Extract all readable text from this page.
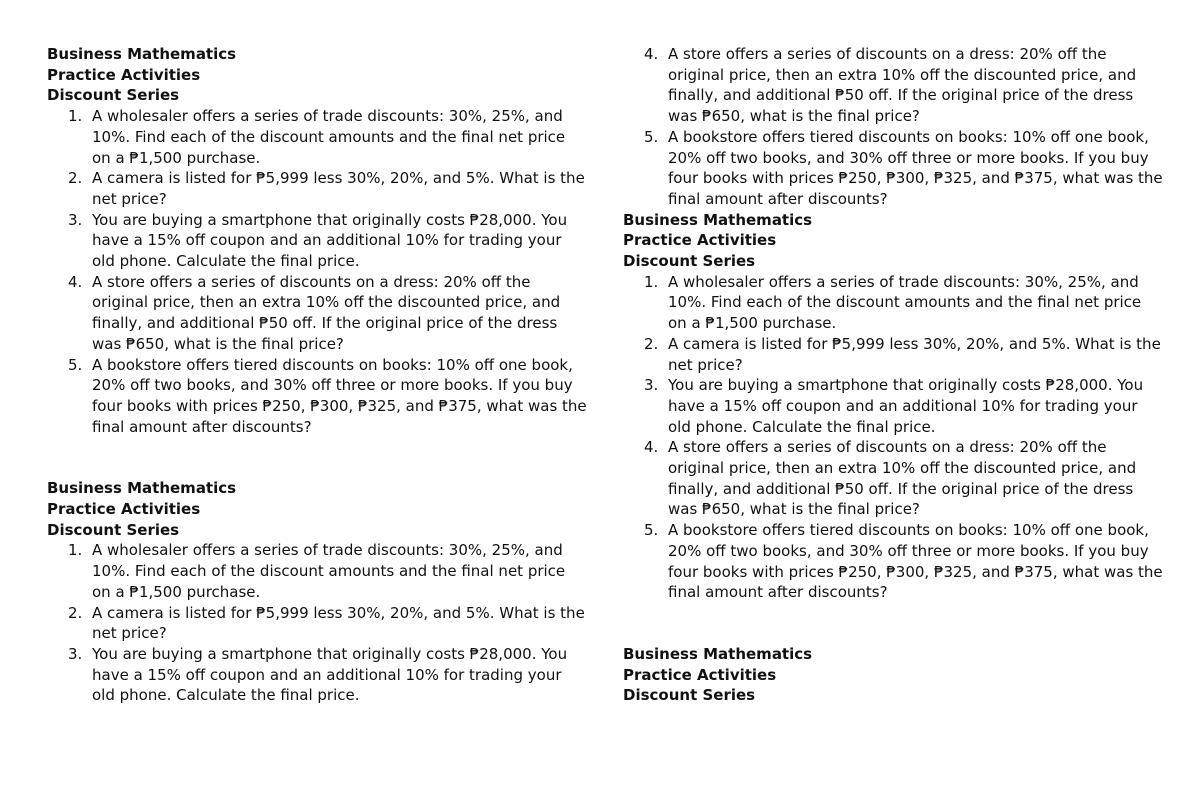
Business Mathematics

Practice Activities

Discount Series

1. A wholesaler offers a series of trade discounts: 30%, 25%, and 10%. Find each of the discount amounts and the final net price on a ₱1,500 purchase.
2. A camera is listed for ₱5,999 less 30%, 20%, and 5%. What is the net price?
3. You are buying a smartphone that originally costs ₱28,000. You have a 15% off coupon and an additional 10% for trading your old phone. Calculate the final price.
4. A store offers a series of discounts on a dress: 20% off the original price, then an extra 10% off the discounted price, and finally, and additional ₱50 off. If the original price of the dress was ₱650, what is the final price?
5. A bookstore offers tiered discounts on books: 10% off one book, 20% off two books, and 30% off three or more books. If you buy four books with prices ₱250, ₱300, ₱325, and ₱375, what was the final amount after discounts?

Business Mathematics

Practice Activities

Discount Series

1. A wholesaler offers a series of trade discounts: 30%, 25%, and 10%. Find each of the discount amounts and the final net price on a ₱1,500 purchase.
2. A camera is listed for ₱5,999 less 30%, 20%, and 5%. What is the net price?
3. You are buying a smartphone that originally costs ₱28,000. You have a 15% off coupon and an additional 10% for trading your old phone. Calculate the final price.
4. A store offers a series of discounts on a dress: 20% off the original price, then an extra 10% off the discounted price, and finally, and additional ₱50 off. If the original price of the dress was ₱650, what is the final price?
5. A bookstore offers tiered discounts on books: 10% off one book, 20% off two books, and 30% off three or more books. If you buy four books with prices ₱250, ₱300, ₱325, and ₱375, what was the final amount after discounts?

Business Mathematics

Practice Activities

Discount Series

1. A wholesaler offers a series of trade discounts: 30%, 25%, and 10%. Find each of the discount amounts and the final net price on a ₱1,500 purchase.
2. A camera is listed for ₱5,999 less 30%, 20%, and 5%. What is the net price?
3. You are buying a smartphone that originally costs ₱28,000. You have a 15% off coupon and an additional 10% for trading your old phone. Calculate the final price.
4. A store offers a series of discounts on a dress: 20% off the original price, then an extra 10% off the discounted price, and finally, and additional ₱50 off. If the original price of the dress was ₱650, what is the final price?
5. A bookstore offers tiered discounts on books: 10% off one book, 20% off two books, and 30% off three or more books. If you buy four books with prices ₱250, ₱300, ₱325, and ₱375, what was the final amount after discounts?

Business Mathematics

Practice Activities

Discount Series
